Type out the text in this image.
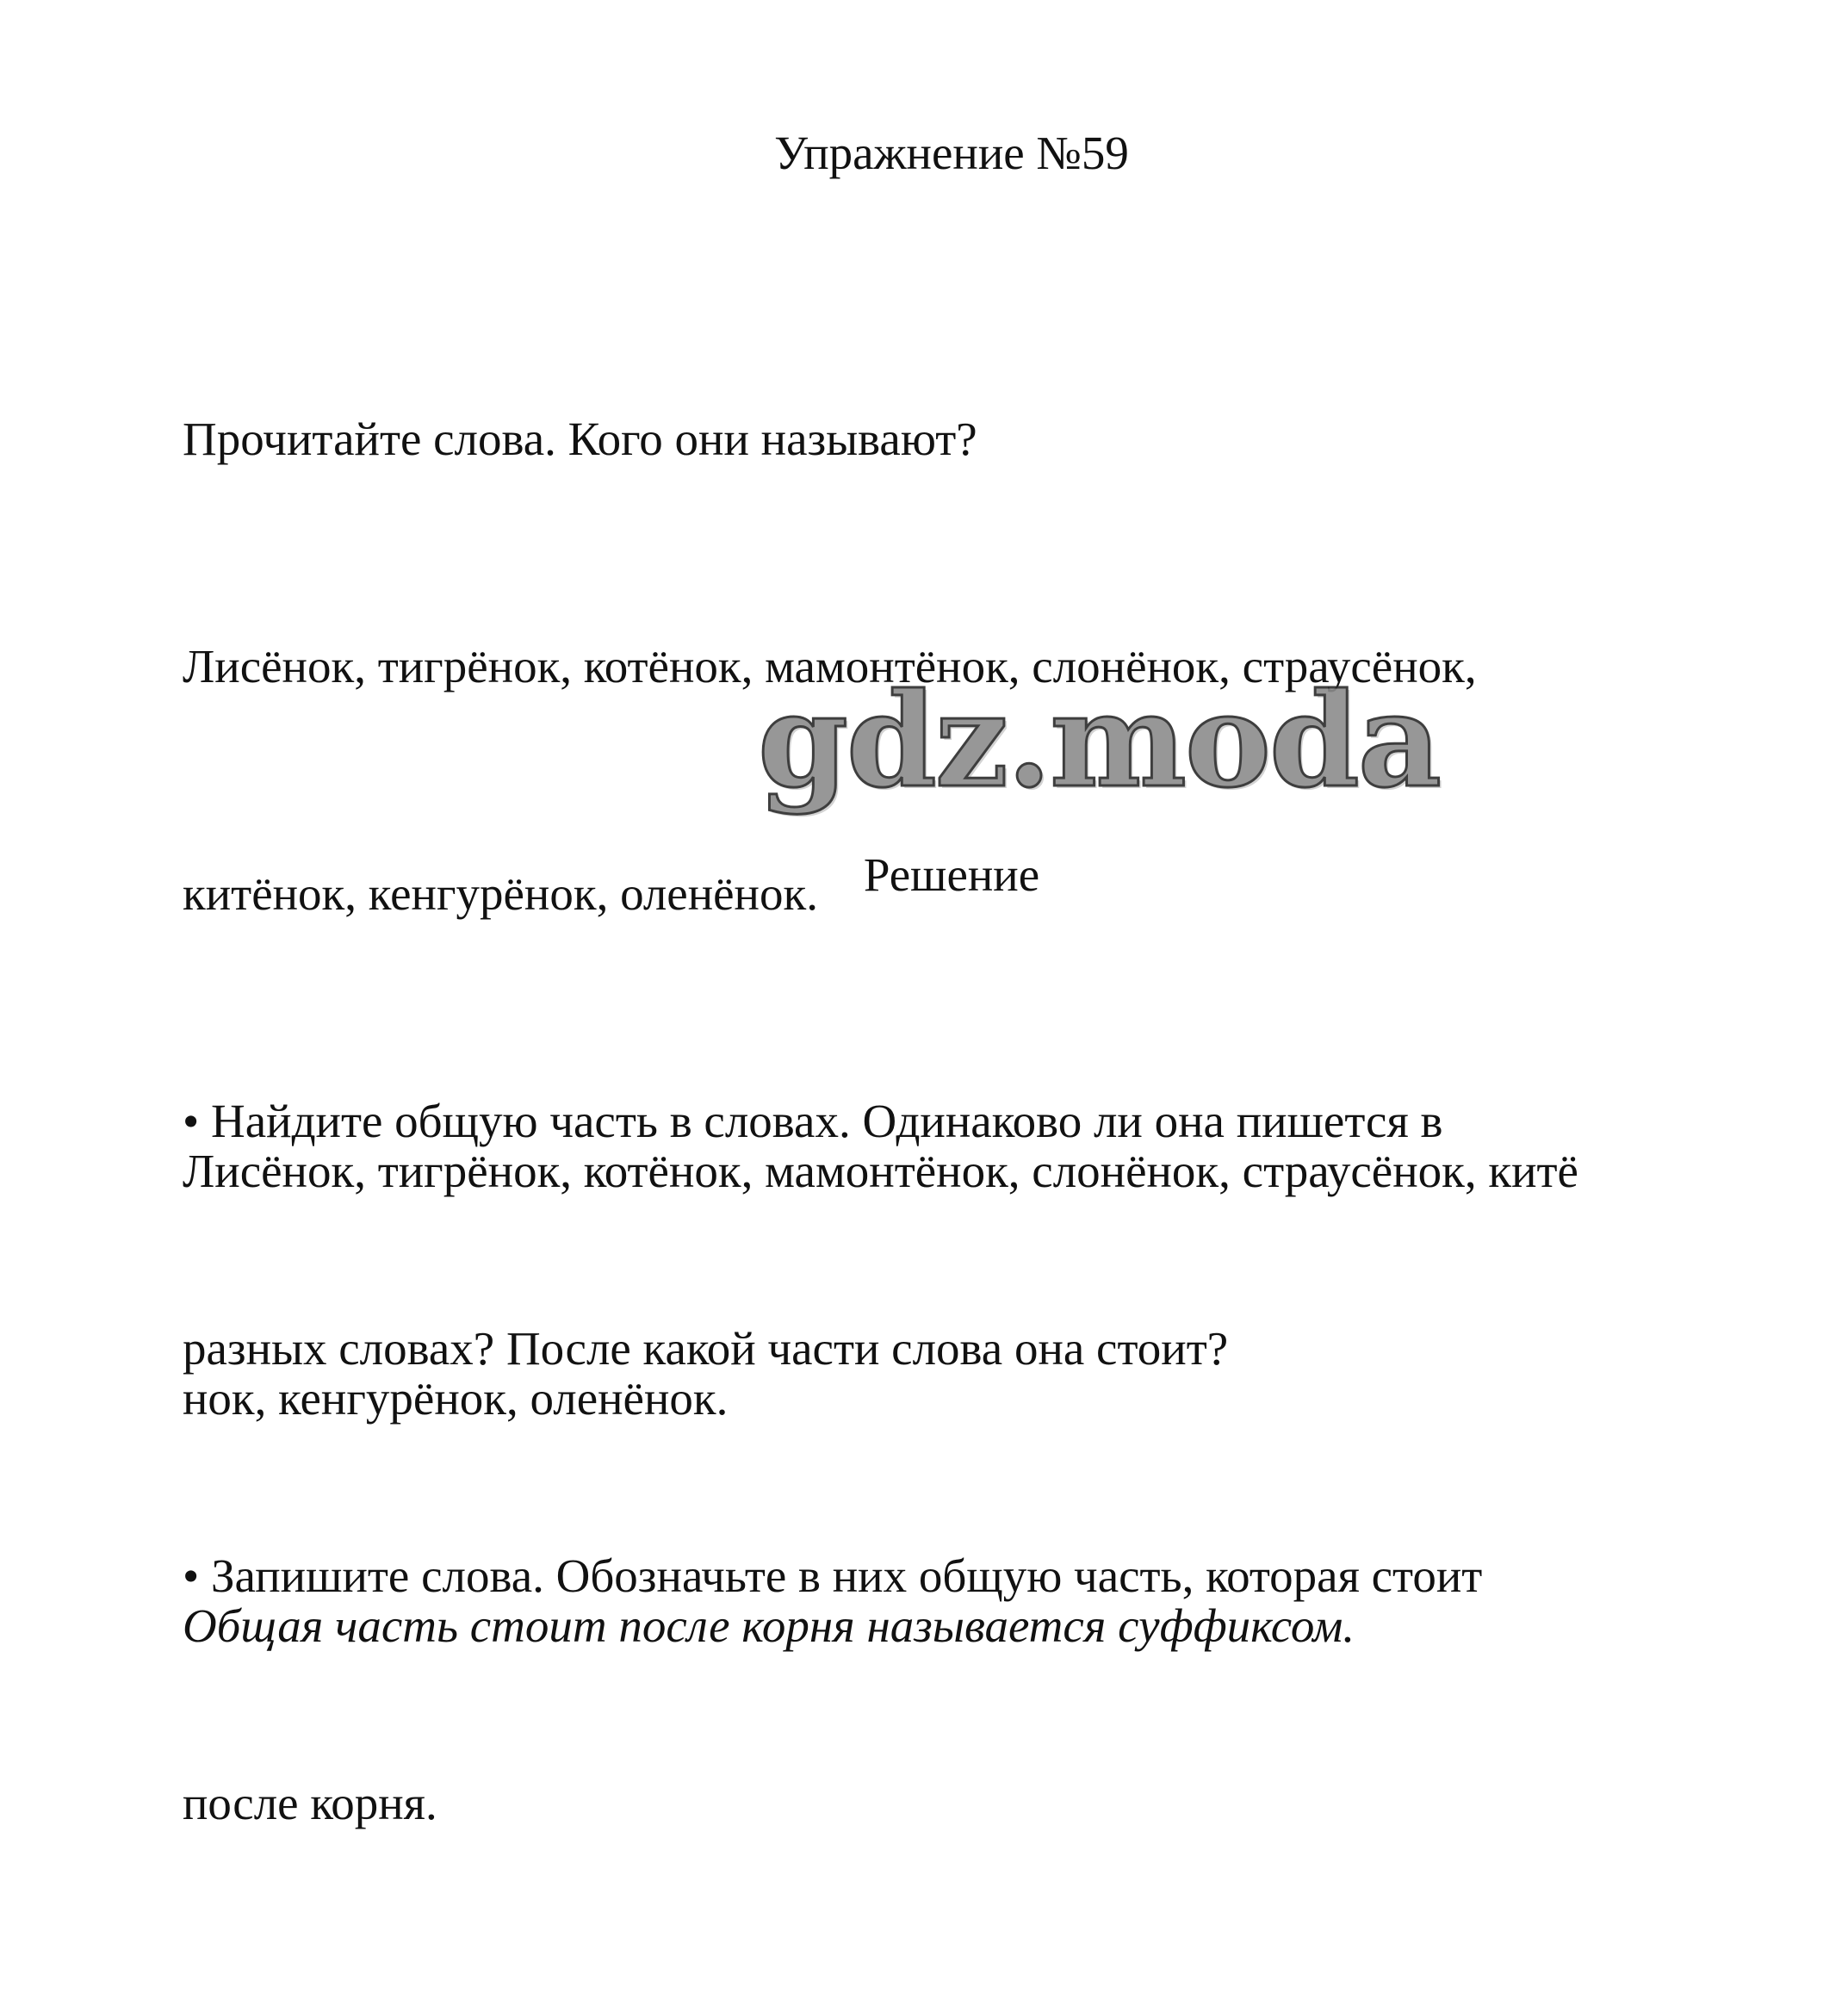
Упражнение №59

Прочитайте слова. Кого они называют?

Лисёнок, тигрёнок, котёнок, мамонтёнок, слонёнок, страусёнок,

китёнок, кенгурёнок, оленёнок.

• Найдите общую часть в словах. Одинаково ли она пишется в

разных словах? После какой части слова она стоит?

• Запишите слова. Обозначьте в них общую часть, которая стоит

после корня.

gdz.moda
Решение

Лисёнок, тигрёнок, котёнок, мамонтёнок, слонёнок, страусёнок, китё

нок, кенгурёнок, оленёнок.

Общая часть стоит после корня называется суффиксом.
